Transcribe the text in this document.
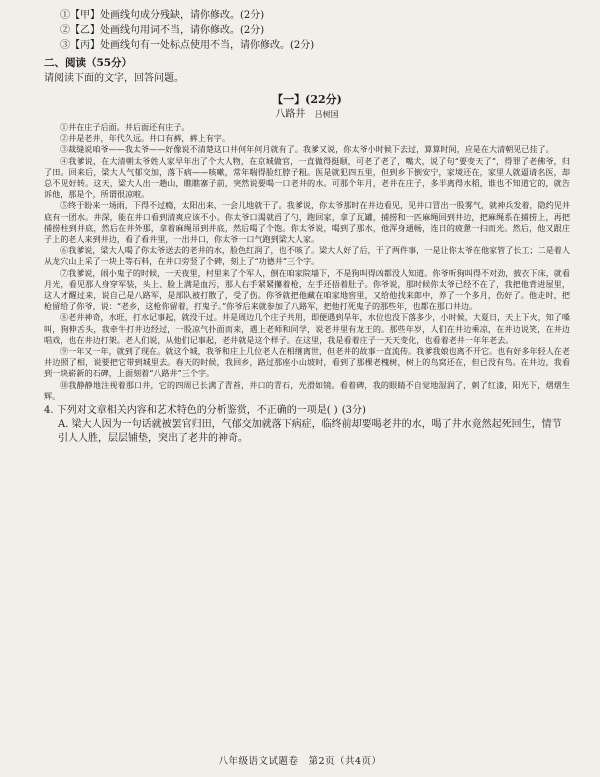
①【甲】处画线句成分残缺，请你修改。(2分)
②【乙】处画线句用词不当，请你修改。(2分)
③【丙】处画线句有一处标点使用不当，请你修改。(2分)
二、阅读（55分）
请阅读下面的文字，回答问题。
【一】(22分)
八路井 吕树国

①井在庄子后面。井后面还有庄子。

②井是老井，年代久远。井口有裤，裤上有字。

③裁缝说咱爷——我太爷——好像说不清楚这口井何年何月就有了。我爹又说，你太爷小时候下去过，算算时间，应是在大清朝见已挂了。

④我爹说，在大清朝太爷姓人家早年出了个大人物，在京城做官，一直做得挺顺，可老了老了，嘴犬，说了句“要变天了”，得罪了老佛爷，归了田。回来后，梁大人气郁交加，落下病——咳嗽，常年喘得脸红脖子粗。医是就犯四五里，但到乡下倒安宁，家境还在，家里人就逼请名医，却总不见好转。这天，梁大人出一趟山，瞧瞧寨子前，突然说要喝一口老井的水。可那个年月，老井在庄子，多半离得水稻，谁也不知道它的，就告诉他，那是个，所谓很凉啦。

⑤终于盼来一场雨，下得不过瘾，太阳出来，一会儿地就干了。我爹说，你太爷那时在井边看见，见井口冒出一股雾气，就神兵发着，隐约见井底有一团水。井深，能在井口看到清爽应该不小。你太爷口渴就舀了勺，跑回家，拿了瓦罐，捕捞和一匹麻绳回到井边，把麻绳系在捕捞上，再把捕捞柱到井底，然后在井外那，拿着麻绳吊到井底，然后喝了个饱。你太爷说，喝到了那水，他浑身通畅，连日的疲惫一扫而光。然后，他又跟庄子上的老人来到井边，看了看井里，一出井口，你太爷一口气跑到梁大人家。

⑥我爹说，梁大人喝了你太爷送去的老井的水，脸色红润了，也不咳了。梁大人好了后，干了两件事，一是让你太爷在他家管了长工；二是着人从龙穴山上采了一块上等石料，在井口旁竖了个碑，刻上了“功德井”三个字。

⑦我爹说，闹小鬼子的时候，一天夜里，村里来了个军人，倒在咱家院墙下，不是狗叫得凶都没人知道。你爷听狗叫得不对劲，披衣下床，就看月光，看见那人身穿军装，头上、脸上满是血污，那人右手紧紧攥着枪，左手还捂着肚子。你爷说，那时候你太爷已经不在了，我把他背进屋里，这人才醒过来，说自己是八路军，是部队被打散了，受了伤。你爷就把他藏在咱家地窖里，又给他找来郎中，养了一个多月，伤好了。他走时，把枪留给了你爷，说：“老乡，这枪你留着，打鬼子。”你爷后来就参加了八路军，把他打死鬼子的那些年，也都在那口井边。

⑧老井神奇，水旺，打水记事起，就没干过。井是周边几个庄子共用，即便遇到旱年，水位也没下落多少，小时候，大夏日，天上下火，知了嗓叫，狗伸舌头，我牵牛打井边经过，一股凉气扑面而来，遇上老师和同学，说老井里有龙王的。那些年岁，人们在井边乘凉，在井边说笑，在井边唱戏，也在井边打架。老人们说，从他们记事起，老井就是这个样子。在这里，我是看着庄子一天天变化，也看着老井一年年老去。

⑨一年又一年，就到了现在。就这个城，我爷和庄上几位老人在相继离世，但老井的故事一直流传。我爹我娘也离不开它。也有好多年轻人在老井边照了相，说要把它带到城里去。春天的时候，我回乡，路过那座小山坡时，看到了那棵老槐树，树上的鸟窝还在，但已没有鸟。在井边，我看到一块崭新的石碑，上面刻着“八路井”三个字。

⑩我静静地注视着那口井，它的四周已长满了青苔，井口的青石，光滑如镜。看着碑，我的眼睛不自觉地湿润了，刺了红漆，阳光下，熠熠生辉。

4. 下列对文章相关内容和艺术特色的分析鉴赏，不正确的一项是( ) (3分)
A. 梁大人因为一句话就被罢官归田，气郁交加就落下病症，临终前却要喝老井的水，喝了井水竟然起死回生，情节引人人胜，层层铺垫，突出了老井的神奇。
八年级语文试题卷　第2页（共4页）
